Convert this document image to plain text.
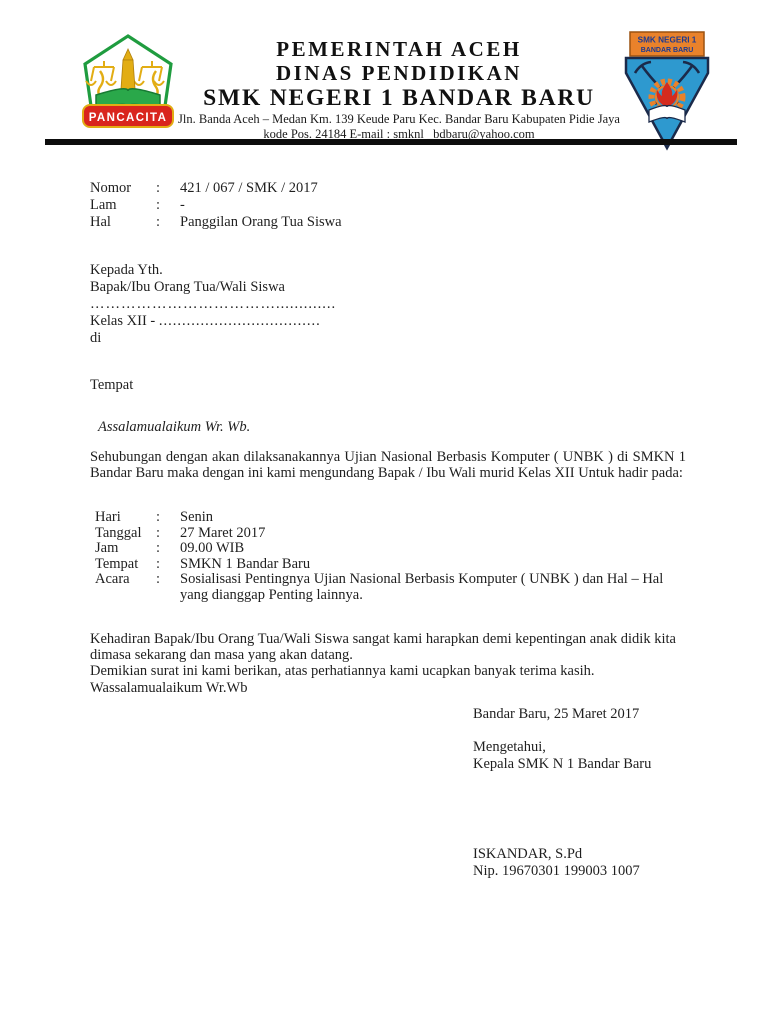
PANCACITA
PEMERINTAH ACEH
DINAS PENDIDIKAN
SMK NEGERI 1 BANDAR BARU
Jln. Banda Aceh – Medan Km. 139 Keude Paru Kec. Bandar Baru Kabupaten Pidie Jaya
kode Pos. 24184 E-mail : smknl _bdbaru@yahoo.com
SMK NEGERI 1
BANDAR BARU
Nomor	:	421 / 067 / SMK / 2017
Lam	:	-
Hal	:	Panggilan Orang Tua Siswa
Kepada Yth.
Bapak/Ibu Orang Tua/Wali Siswa
……………………………….............
Kelas XII - ...................................
di
Tempat
Assalamualaikum Wr. Wb.
Sehubungan dengan akan dilaksanakannya Ujian Nasional Berbasis Komputer ( UNBK ) di SMKN 1 Bandar Baru maka dengan ini kami mengundang Bapak / Ibu Wali murid Kelas XII Untuk hadir pada:
Hari	:	Senin
Tanggal	:	27 Maret 2017
Jam	:	09.00 WIB
Tempat	:	SMKN 1 Bandar Baru
Acara	:	Sosialisasi Pentingnya Ujian Nasional Berbasis Komputer ( UNBK ) dan Hal – Hal yang dianggap Penting lainnya.
Kehadiran Bapak/Ibu Orang Tua/Wali Siswa sangat kami harapkan demi kepentingan anak didik kita dimasa sekarang dan masa yang akan datang.
Demikian surat ini kami berikan, atas perhatiannya kami ucapkan banyak terima kasih.
Wassalamualaikum Wr.Wb
Bandar Baru, 25 Maret 2017
Mengetahui,
Kepala SMK N 1 Bandar Baru
ISKANDAR, S.Pd
Nip. 19670301 199003 1007
